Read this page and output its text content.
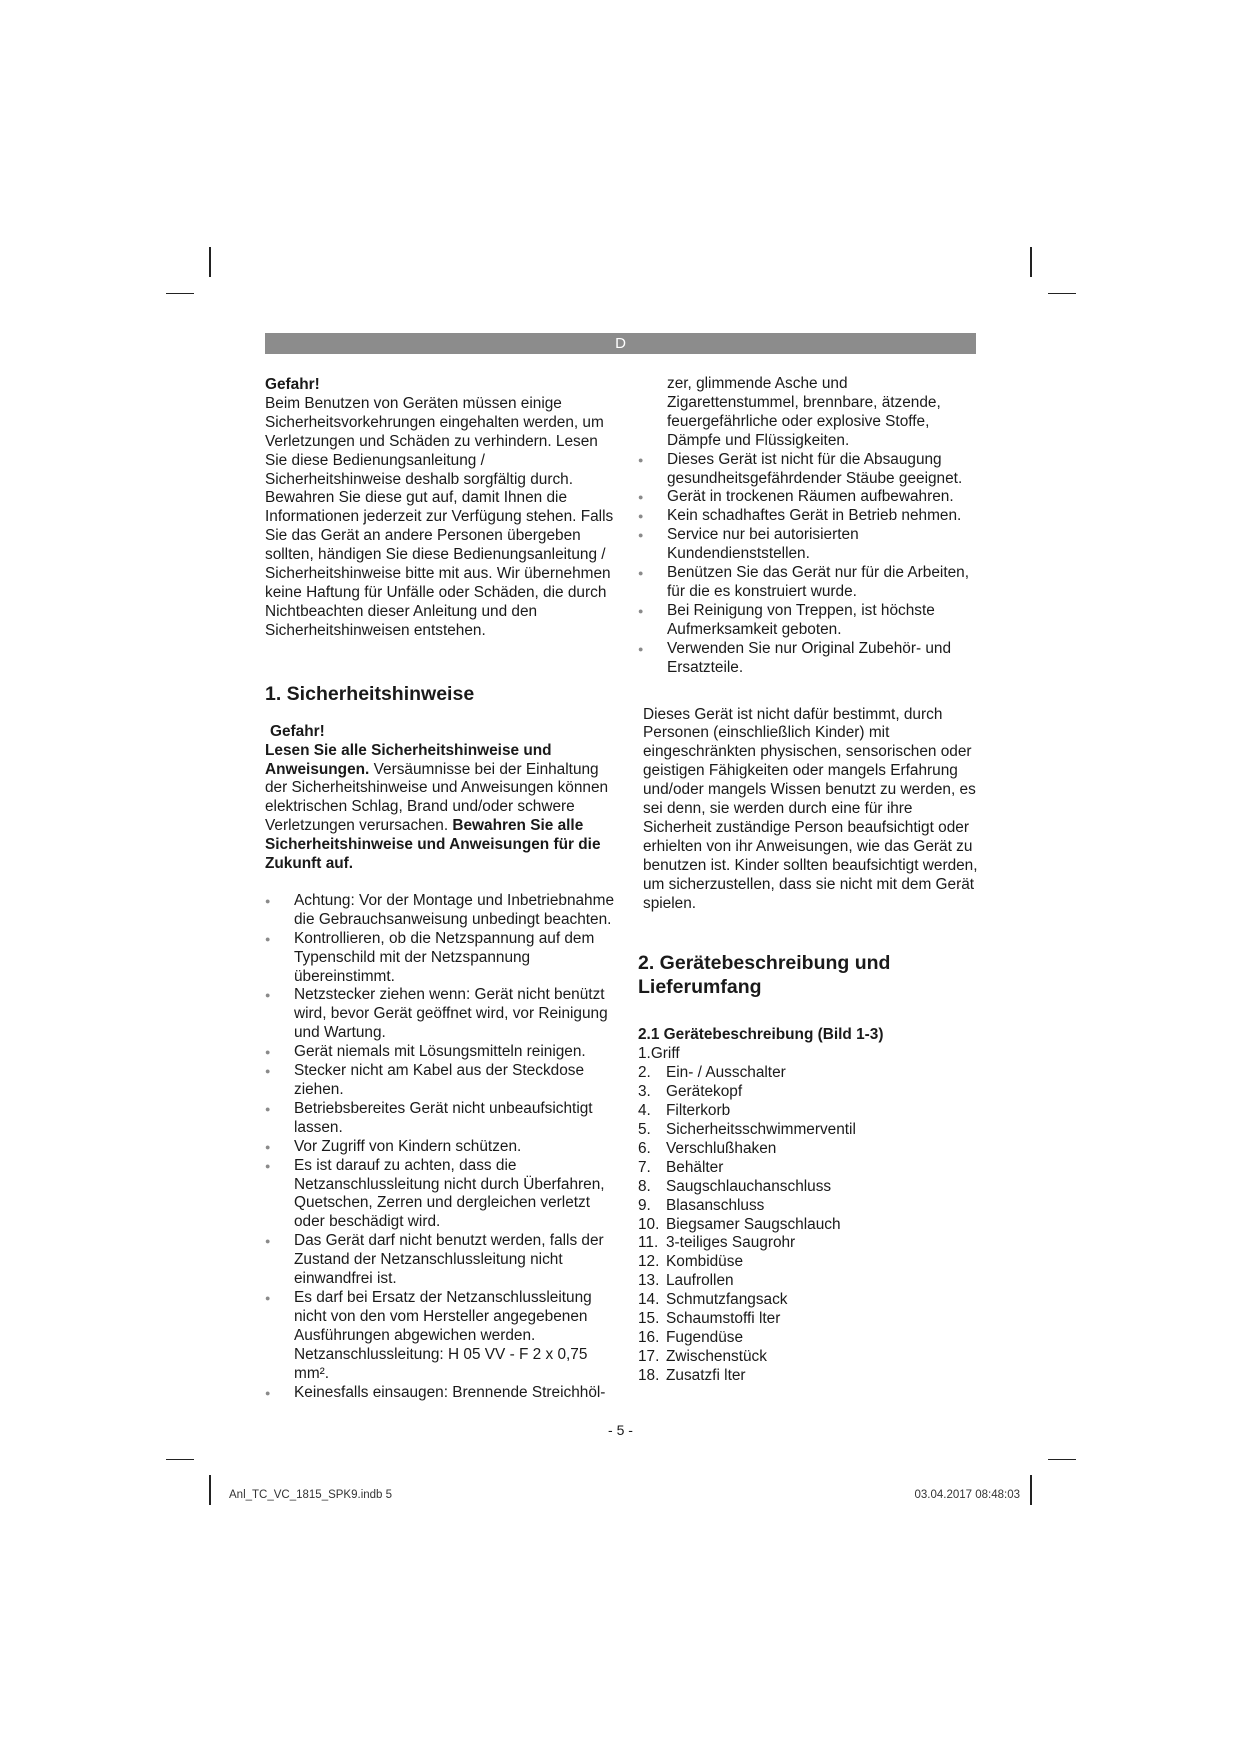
D

Gefahr!

Beim Benutzen von Geräten müssen einige Sicherheitsvorkehrungen eingehalten werden, um Verletzungen und Schäden zu verhindern. Lesen Sie diese Bedienungsanleitung / Sicherheitshinweise deshalb sorgfältig durch. Bewahren Sie diese gut auf, damit Ihnen die Informationen jederzeit zur Verfügung stehen. Falls Sie das Gerät an andere Personen übergeben sollten, händigen Sie diese Bedienungsanleitung / Sicherheitshinweise bitte mit aus. Wir übernehmen keine Haftung für Unfälle oder Schäden, die durch Nichtbeachten dieser Anleitung und den Sicherheitshinweisen entstehen.

1. Sicherheitshinweise

Gefahr!

Lesen Sie alle Sicherheitshinweise und Anweisungen. Versäumnisse bei der Einhaltung der Sicherheitshinweise und Anweisungen können elektrischen Schlag, Brand und/oder schwere Verletzungen verursachen. Bewahren Sie alle Sicherheitshinweise und Anweisungen für die Zukunft auf.

● Achtung: Vor der Montage und Inbetriebnahme die Gebrauchsanweisung unbedingt beachten.
● Kontrollieren, ob die Netzspannung auf dem Typenschild mit der Netzspannung übereinstimmt.
● Netzstecker ziehen wenn: Gerät nicht benützt wird, bevor Gerät geöffnet wird, vor Reinigung und Wartung.
● Gerät niemals mit Lösungsmitteln reinigen.
● Stecker nicht am Kabel aus der Steckdose ziehen.
● Betriebsbereites Gerät nicht unbeaufsichtigt lassen.
● Vor Zugriff von Kindern schützen.
● Es ist darauf zu achten, dass die Netzanschlussleitung nicht durch Überfahren, Quetschen, Zerren und dergleichen verletzt oder beschädigt wird.
● Das Gerät darf nicht benutzt werden, falls der Zustand der Netzanschlussleitung nicht einwandfrei ist.
● Es darf bei Ersatz der Netzanschlussleitung nicht von den vom Hersteller angegebenen Ausführungen abgewichen werden. Netzanschlussleitung: H 05 VV - F 2 x 0,75 mm².
● Keinesfalls einsaugen: Brennende Streichhöl-

zer, glimmende Asche und Zigarettenstummel, brennbare, ätzende, feuergefährliche oder explosive Stoffe, Dämpfe und Flüssigkeiten.

● Dieses Gerät ist nicht für die Absaugung gesundheitsgefährdender Stäube geeignet.
● Gerät in trockenen Räumen aufbewahren.
● Kein schadhaftes Gerät in Betrieb nehmen.
● Service nur bei autorisierten Kundendienststellen.
● Benützen Sie das Gerät nur für die Arbeiten, für die es konstruiert wurde.
● Bei Reinigung von Treppen, ist höchste Aufmerksamkeit geboten.
● Verwenden Sie nur Original Zubehör- und Ersatzteile.

Dieses Gerät ist nicht dafür bestimmt, durch Personen (einschließlich Kinder) mit eingeschränkten physischen, sensorischen oder geistigen Fähigkeiten oder mangels Erfahrung und/oder mangels Wissen benutzt zu werden, es sei denn, sie werden durch eine für ihre Sicherheit zuständige Person beaufsichtigt oder erhielten von ihr Anweisungen, wie das Gerät zu benutzen ist. Kinder sollten beaufsichtigt werden, um sicherzustellen, dass sie nicht mit dem Gerät spielen.

2. Gerätebeschreibung und Lieferumfang
2.1 Gerätebeschreibung (Bild 1-3)

1.Griff

2. Ein- / Ausschalter
3. Gerätekopf
4. Filterkorb
5. Sicherheitsschwimmerventil
6. Verschlußhaken
7. Behälter
8. Saugschlauchanschluss
9. Blasanschluss
10. Biegsamer Saugschlauch
11. 3-teiliges Saugrohr
12. Kombidüse
13. Laufrollen
14. Schmutzfangsack
15. Schaumstoffi lter
16. Fugendüse
17. Zwischenstück
18. Zusatzfi lter
- 5 -
Anl_TC_VC_1815_SPK9.indb 5	03.04.2017 08:48:03
